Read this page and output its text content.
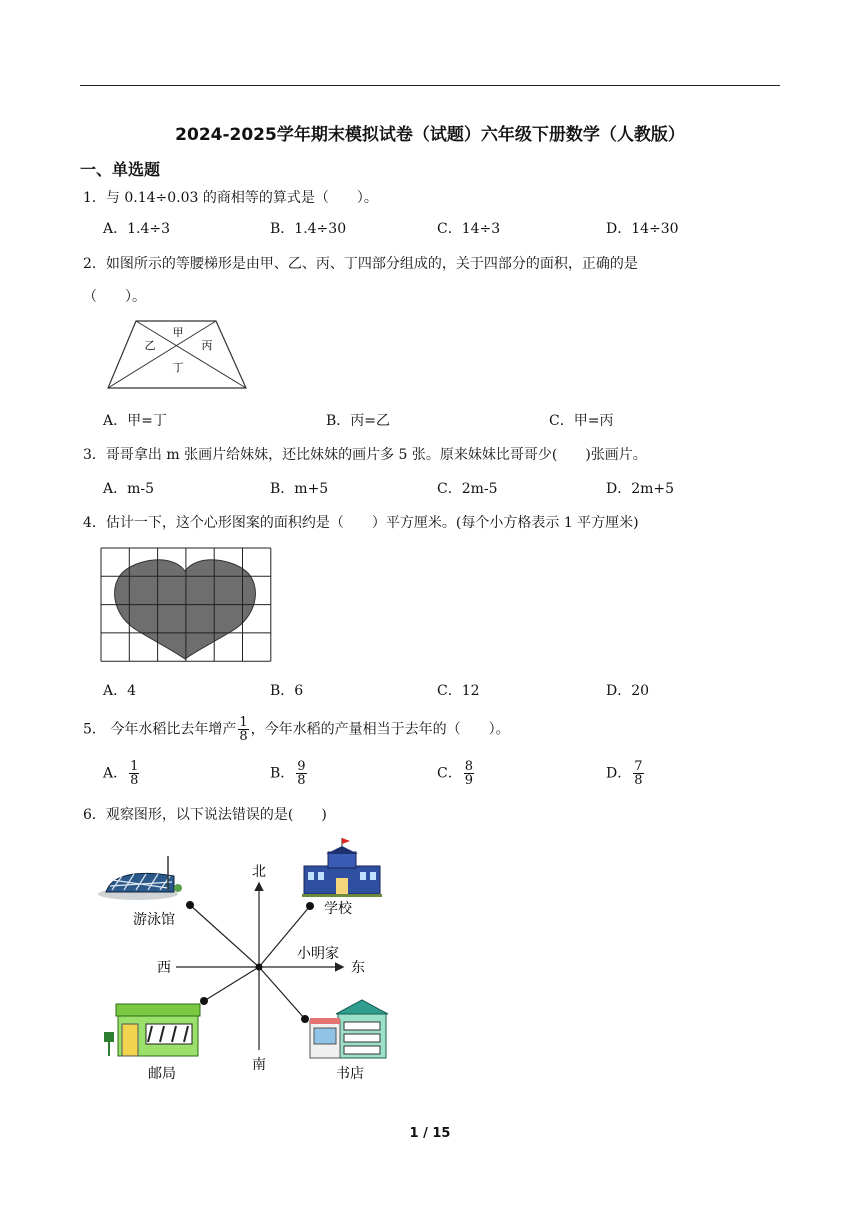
2024-2025学年期末模拟试卷（试题）六年级下册数学（人教版）
一、单选题
1．与 0.14÷0.03 的商相等的算式是（　　）。
A．1.4÷3	B．1.4÷30	C．14÷3	D．14÷30
2．如图所示的等腰梯形是由甲、乙、丙、丁四部分组成的，关于四部分的面积，正确的是
（　　）。
甲
乙	丙
丁
A．甲=丁	B．丙=乙	C．甲=丙
3．哥哥拿出 m 张画片给妹妹，还比妹妹的画片多 5 张。原来妹妹比哥哥少(　　)张画片。
A．m-5	B．m+5	C．2m-5	D．2m+5
4．估计一下，这个心形图案的面积约是（　　）平方厘米。(每个小方格表示 1 平方厘米)
A．4	B．6	C．12	D．20
5． 今年水稻比去年增产 $\frac{1}{8}$ ，今年水稻的产量相当于去年的（　　）。
A． $\frac{1}{8}$	B． $\frac{9}{8}$	C． $\frac{8}{9}$	D． $\frac{7}{8}$
6．观察图形，以下说法错误的是(　　)
北
南
西	东
小明家
游泳馆
学校
邮局	书店
1 / 15
